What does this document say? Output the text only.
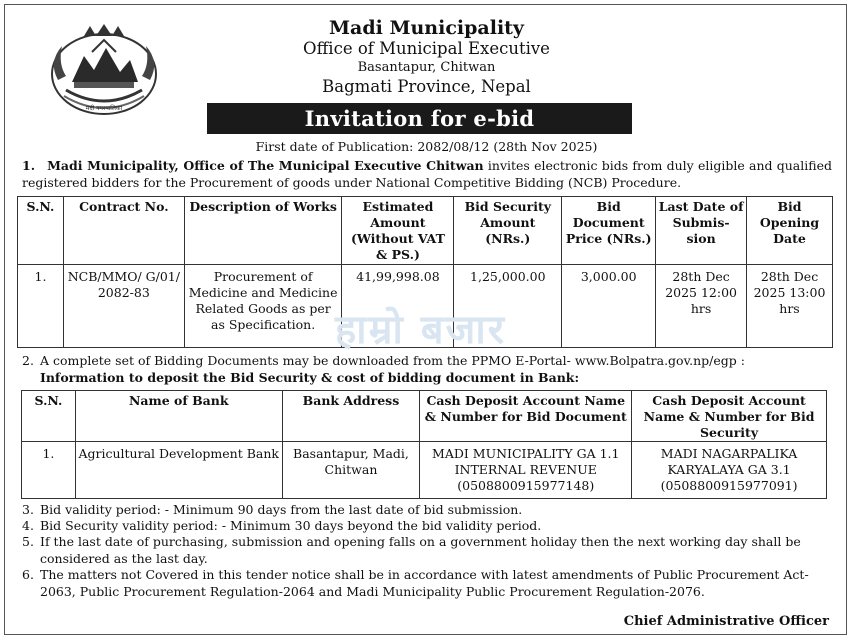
मदी नगरपालिका
Madi Municipality
Office of Municipal Executive
Basantapur, Chitwan
Bagmati Province, Nepal
Invitation for e-bid
First date of Publication: 2082/08/12 (28th Nov 2025)
1. Madi Municipality, Office of The Municipal Executive Chitwan invites electronic bids from duly eligible and qualified registered bidders for the Procurement of goods under National Competitive Bidding (NCB) Procedure.
S.N.	Contract No.	Description of Works	Estimated Amount (Without VAT & PS.)	Bid Security Amount (NRs.)	Bid Document Price (NRs.)	Last Date of Submis-sion	Bid Opening Date
1.	NCB/MMO/ G/01/ 2082-83	Procurement of Medicine and Medicine Related Goods as per as Specification.	41,99,998.08	1,25,000.00	3,000.00	28th Dec 2025 12:00 hrs	28th Dec 2025 13:00 hrs
हाम्रो बजार
2. A complete set of Bidding Documents may be downloaded from the PPMO E-Portal- www.Bolpatra.gov.np/egp :
Information to deposit the Bid Security & cost of bidding document in Bank:
S.N.	Name of Bank	Bank Address	Cash Deposit Account Name & Number for Bid Document	Cash Deposit Account Name & Number for Bid Security
1.	Agricultural Development Bank	Basantapur, Madi, Chitwan	MADI MUNICIPALITY GA 1.1 INTERNAL REVENUE (0508800915977148)	MADI NAGARPALIKA KARYALAYA GA 3.1 (0508800915977091)
3. Bid validity period: - Minimum 90 days from the last date of bid submission.
4. Bid Security validity period: - Minimum 30 days beyond the bid validity period.
5. If the last date of purchasing, submission and opening falls on a government holiday then the next working day shall be considered as the last day.
6. The matters not Covered in this tender notice shall be in accordance with latest amendments of Public Procurement Act-2063, Public Procurement Regulation-2064 and Madi Municipality Public Procurement Regulation-2076.
Chief Administrative Officer
